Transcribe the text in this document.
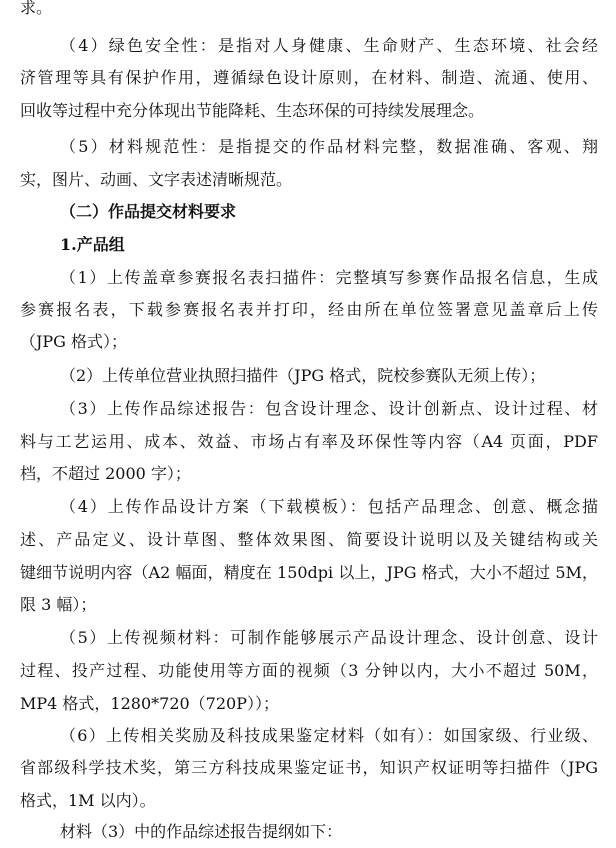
求。
（4）绿色安全性：是指对人身健康、生命财产、生态环境、社会经
济管理等具有保护作用，遵循绿色设计原则，在材料、制造、流通、使用、
回收等过程中充分体现出节能降耗、生态环保的可持续发展理念。
（5）材料规范性：是指提交的作品材料完整，数据准确、客观、翔
实，图片、动画、文字表述清晰规范。
（二）作品提交材料要求
1.产品组
（1）上传盖章参赛报名表扫描件：完整填写参赛作品报名信息，生成
参赛报名表，下载参赛报名表并打印，经由所在单位签署意见盖章后上传
（JPG 格式）；
（2）上传单位营业执照扫描件（JPG 格式，院校参赛队无须上传）；
（3）上传作品综述报告：包含设计理念、设计创新点、设计过程、材
料与工艺运用、成本、效益、市场占有率及环保性等内容（A4 页面，PDF
档，不超过 2000 字）；
（4）上传作品设计方案（下载模板）：包括产品理念、创意、概念描
述、产品定义、设计草图、整体效果图、简要设计说明以及关键结构或关
键细节说明内容（A2 幅面，精度在 150dpi 以上，JPG 格式，大小不超过 5M，
限 3 幅）；
（5）上传视频材料：可制作能够展示产品设计理念、设计创意、设计
过程、投产过程、功能使用等方面的视频（3 分钟以内，大小不超过 50M，
MP4 格式，1280*720（720P））；
（6）上传相关奖励及科技成果鉴定材料（如有）：如国家级、行业级、
省部级科学技术奖，第三方科技成果鉴定证书，知识产权证明等扫描件（JPG
格式，1M 以内）。
材料（3）中的作品综述报告提纲如下：
